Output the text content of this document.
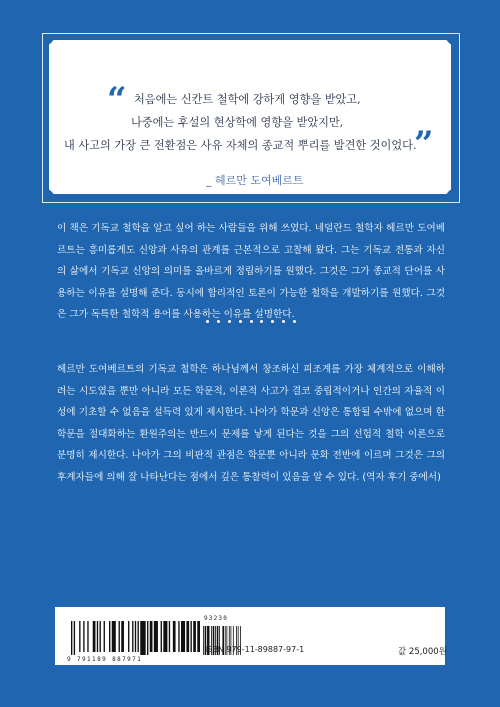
“ 처음에는 신칸트 철학에 강하게 영향을 받았고,
나중에는 후설의 현상학에 영향을 받았지만,
내 사고의 가장 큰 전환점은 사유 자체의 종교적 뿌리를 발견한 것이었다.
”
_ 헤르만 도여베르트

이 책은 기독교 철학을 알고 싶어 하는 사람들을 위해 쓰였다. 네덜란드 철학자 헤르만 도여베르트는 흥미롭게도 신앙과 사유의 관계를 근본적으로 고찰해 왔다. 그는 기독교 전통과 자신의 삶에서 기독교 신앙의 의미를 올바르게 정립하기를 원했다. 그것은 그가 종교적 단어를 사용하는 이유를 설명해 준다. 동시에 합리적인 토론이 가능한 철학을 개발하기를 원했다. 그것은 그가 독특한 철학적 용어를 사용하는 이유를 설명한다.

헤르만 도여베르트의 기독교 철학은 하나님께서 창조하신 피조계를 가장 체계적으로 이해하려는 시도였을 뿐만 아니라 모든 학문적, 이론적 사고가 결코 중립적이거나 인간의 자율적 이성에 기초할 수 없음을 설득력 있게 제시한다. 나아가 학문과 신앙은 통합될 수밖에 없으며 한 학문을 절대화하는 환원주의는 반드시 문제를 낳게 된다는 것을 그의 선험적 철학 이론으로 분명히 제시한다. 나아가 그의 비판적 관점은 학문뿐 아니라 문화 전반에 이르며 그것은 그의 후계자들에 의해 잘 나타난다는 점에서 깊은 통찰력이 있음을 알 수 있다. (역자 후기 중에서)

93230
9 791189 887971
ISBN 979-11-89887-97-1	값 25,000원
